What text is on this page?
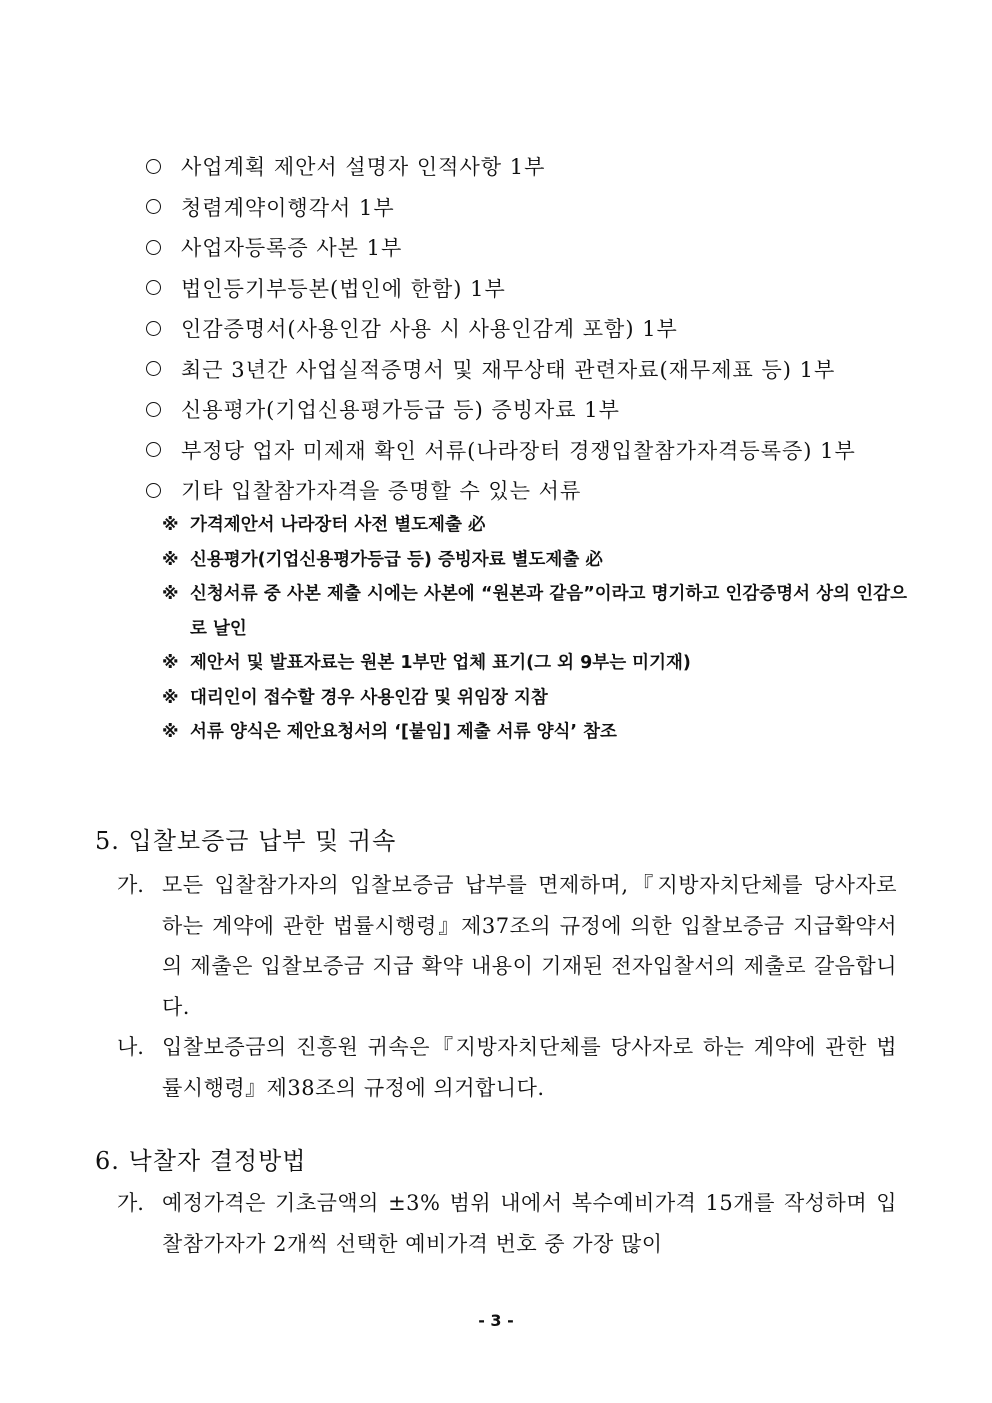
사업계획 제안서 설명자 인적사항 1부
청렴계약이행각서 1부
사업자등록증 사본 1부
법인등기부등본(법인에 한함) 1부
인감증명서(사용인감 사용 시 사용인감계 포함) 1부
최근 3년간 사업실적증명서 및 재무상태 관련자료(재무제표 등) 1부
신용평가(기업신용평가등급 등) 증빙자료 1부
부정당 업자 미제재 확인 서류(나라장터 경쟁입찰참가자격등록증) 1부
기타 입찰참가자격을 증명할 수 있는 서류
※ 가격제안서 나라장터 사전 별도제출 必
※ 신용평가(기업신용평가등급 등) 증빙자료 별도제출 必
※ 신청서류 중 사본 제출 시에는 사본에 “원본과 같음”이라고 명기하고 인감증명서 상의 인감으로 날인
※ 제안서 및 발표자료는 원본 1부만 업체 표기(그 외 9부는 미기재)
※ 대리인이 접수할 경우 사용인감 및 위임장 지참
※ 서류 양식은 제안요청서의 ‘[붙임] 제출 서류 양식’ 참조
5. 입찰보증금 납부 및 귀속
가. 모든 입찰참가자의 입찰보증금 납부를 면제하며,『지방자치단체를 당사자로 하는 계약에 관한 법률시행령』제37조의 규정에 의한 입찰보증금 지급확약서의 제출은 입찰보증금 지급 확약 내용이 기재된 전자입찰서의 제출로 갈음합니다.
나. 입찰보증금의 진흥원 귀속은『지방자치단체를 당사자로 하는 계약에 관한 법률시행령』제38조의 규정에 의거합니다.
6. 낙찰자 결정방법
가. 예정가격은 기초금액의 ±3% 범위 내에서 복수예비가격 15개를 작성하며 입찰참가자가 2개씩 선택한 예비가격 번호 중 가장 많이
- 3 -
